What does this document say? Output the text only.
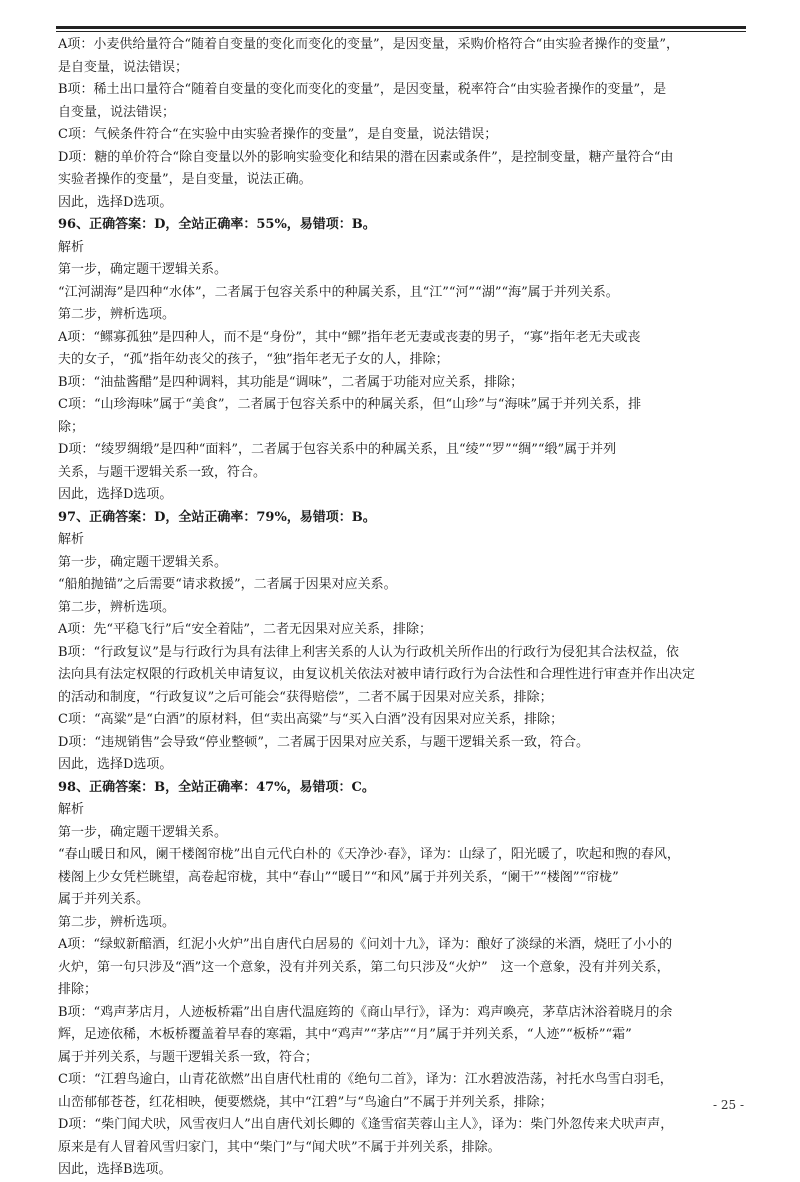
A项：小麦供给量符合“随着自变量的变化而变化的变量”，是因变量，采购价格符合“由实验者操作的变量”，
是自变量，说法错误；
B项：稀土出口量符合“随着自变量的变化而变化的变量”，是因变量，税率符合“由实验者操作的变量”，是
自变量，说法错误；
C项：气候条件符合“在实验中由实验者操作的变量”，是自变量，说法错误；
D项：糖的单价符合“除自变量以外的影响实验变化和结果的潜在因素或条件”，是控制变量，糖产量符合“由
实验者操作的变量”，是自变量，说法正确。
因此，选择D选项。
96、正确答案：D，全站正确率：55%，易错项：B。
解析
第一步，确定题干逻辑关系。
“江河湖海”是四种“水体”，二者属于包容关系中的种属关系，且“江”“河”“湖”“海”属于并列关系。
第二步，辨析选项。
A项：“鳏寡孤独”是四种人，而不是“身份”，其中“鳏”指年老无妻或丧妻的男子，“寡”指年老无夫或丧
夫的女子，“孤”指年幼丧父的孩子，“独”指年老无子女的人，排除；
B项：“油盐酱醋”是四种调料，其功能是“调味”，二者属于功能对应关系，排除；
C项：“山珍海味”属于“美食”，二者属于包容关系中的种属关系，但“山珍”与“海味”属于并列关系，排
除；
D项：“绫罗绸缎”是四种“面料”，二者属于包容关系中的种属关系，且“绫”“罗”“绸”“缎”属于并列
关系，与题干逻辑关系一致，符合。
因此，选择D选项。
97、正确答案：D，全站正确率：79%，易错项：B。
解析
第一步，确定题干逻辑关系。
“船舶抛锚”之后需要“请求救援”，二者属于因果对应关系。
第二步，辨析选项。
A项：先“平稳飞行”后“安全着陆”，二者无因果对应关系，排除；
B项：“行政复议”是与行政行为具有法律上利害关系的人认为行政机关所作出的行政行为侵犯其合法权益，依
法向具有法定权限的行政机关申请复议，由复议机关依法对被申请行政行为合法性和合理性进行审查并作出决定
的活动和制度，“行政复议”之后可能会“获得赔偿”，二者不属于因果对应关系，排除；
C项：“高粱”是“白酒”的原材料，但“卖出高粱”与“买入白酒”没有因果对应关系，排除；
D项：“违规销售”会导致“停业整顿”，二者属于因果对应关系，与题干逻辑关系一致，符合。
因此，选择D选项。
98、正确答案：B，全站正确率：47%，易错项：C。
解析
第一步，确定题干逻辑关系。
“春山暖日和风，阑干楼阁帘栊”出自元代白朴的《天净沙·春》，译为：山绿了，阳光暖了，吹起和煦的春风，
楼阁上少女凭栏眺望，高卷起帘栊，其中“春山”“暖日”“和风”属于并列关系，“阑干”“楼阁”“帘栊”
属于并列关系。
第二步，辨析选项。
A项：“绿蚁新醅酒，红泥小火炉”出自唐代白居易的《问刘十九》，译为：酿好了淡绿的米酒，烧旺了小小的
火炉，第一句只涉及“酒”这一个意象，没有并列关系，第二句只涉及“火炉”　这一个意象，没有并列关系，
排除；
B项：“鸡声茅店月，人迹板桥霜”出自唐代温庭筠的《商山早行》，译为：鸡声喚亮，茅草店沐浴着晓月的余
辉，足迹依稀，木板桥覆盖着早春的寒霜，其中“鸡声”“茅店”“月”属于并列关系，“人迹”“板桥”“霜”
属于并列关系，与题干逻辑关系一致，符合；
C项：“江碧鸟逾白，山青花欲燃”出自唐代杜甫的《绝句二首》，译为：江水碧波浩荡，衬托水鸟雪白羽毛，
山峦郁郁苍苍，红花相映，便要燃烧，其中“江碧”与“鸟逾白”不属于并列关系，排除；
D项：“柴门闻犬吠，风雪夜归人”出自唐代刘长卿的《逢雪宿芙蓉山主人》，译为：柴门外忽传来犬吠声声，
原来是有人冒着风雪归家门，其中“柴门”与“闻犬吠”不属于并列关系，排除。
因此，选择B选项。
- 25 -
